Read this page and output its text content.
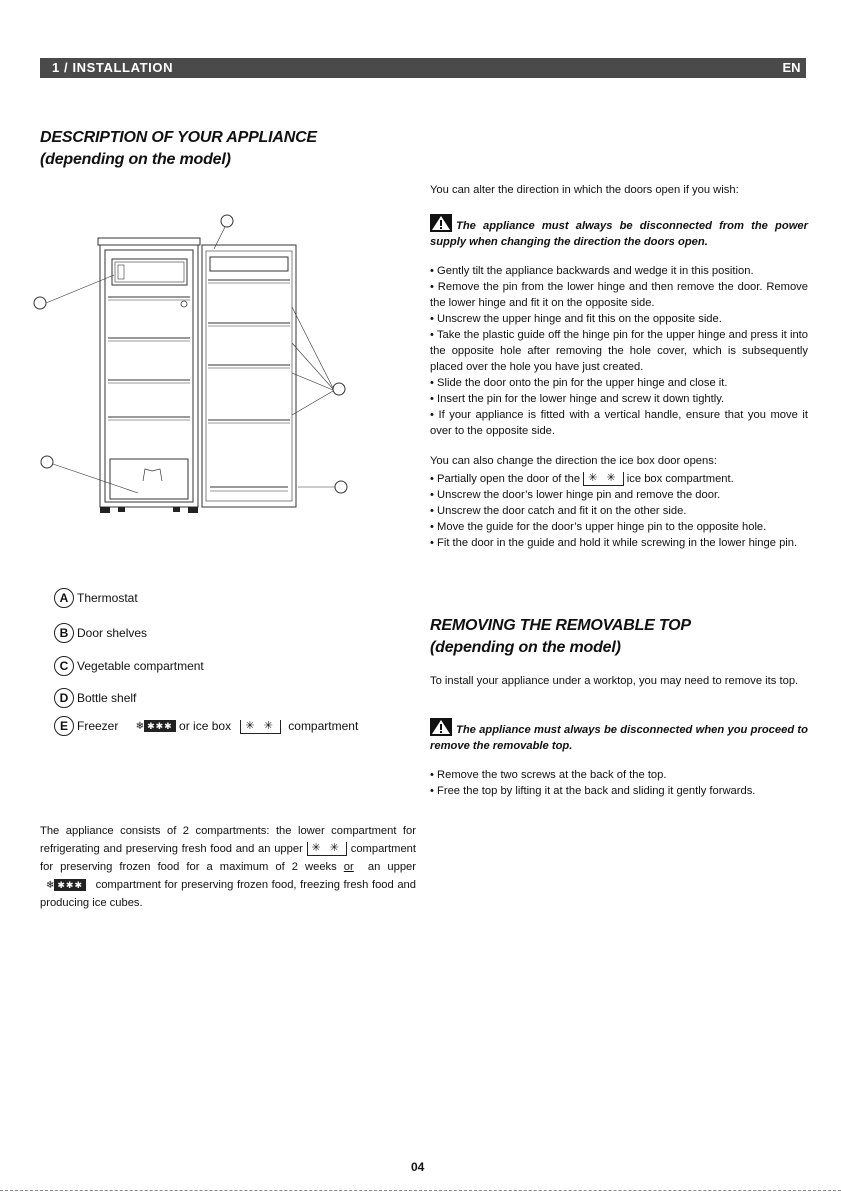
1 / INSTALLATION	EN
DESCRIPTION OF YOUR APPLIANCE
(depending on the model)
A Thermostat
B Door shelves
C Vegetable compartment
D Bottle shelf
E Freezer ❄ ✱✱✱ or ice box ✳ ✳ compartment
The appliance consists of 2 compartments: the lower compartment for refrigerating and preserving fresh food and an upper ✳ ✳ compartment for preserving frozen food for a maximum of 2 weeks or an upper ❄ ✱✱✱ compartment for preserving frozen food, freezing fresh food and producing ice cubes.
You can alter the direction in which the doors open if you wish:
The appliance must always be disconnected from the power supply when changing the direction the doors open.
• Gently tilt the appliance backwards and wedge it in this position.
• Remove the pin from the lower hinge and then remove the door. Remove the lower hinge and fit it on the opposite side.
• Unscrew the upper hinge and fit this on the opposite side.
• Take the plastic guide off the hinge pin for the upper hinge and press it into the opposite hole after removing the hole cover, which is subsequently placed over the hole you have just created.
• Slide the door onto the pin for the upper hinge and close it.
• Insert the pin for the lower hinge and screw it down tightly.
• If your appliance is fitted with a vertical handle, ensure that you move it over to the opposite side.
You can also change the direction the ice box door opens:
• Partially open the door of the ✳ ✳ ice box compartment.
• Unscrew the door’s lower hinge pin and remove the door.
• Unscrew the door catch and fit it on the other side.
• Move the guide for the door’s upper hinge pin to the opposite hole.
• Fit the door in the guide and hold it while screwing in the lower hinge pin.
REMOVING THE REMOVABLE TOP
(depending on the model)
To install your appliance under a worktop, you may need to remove its top.
The appliance must always be disconnected when you proceed to remove the removable top.
• Remove the two screws at the back of the top.
• Free the top by lifting it at the back and sliding it gently forwards.
04
